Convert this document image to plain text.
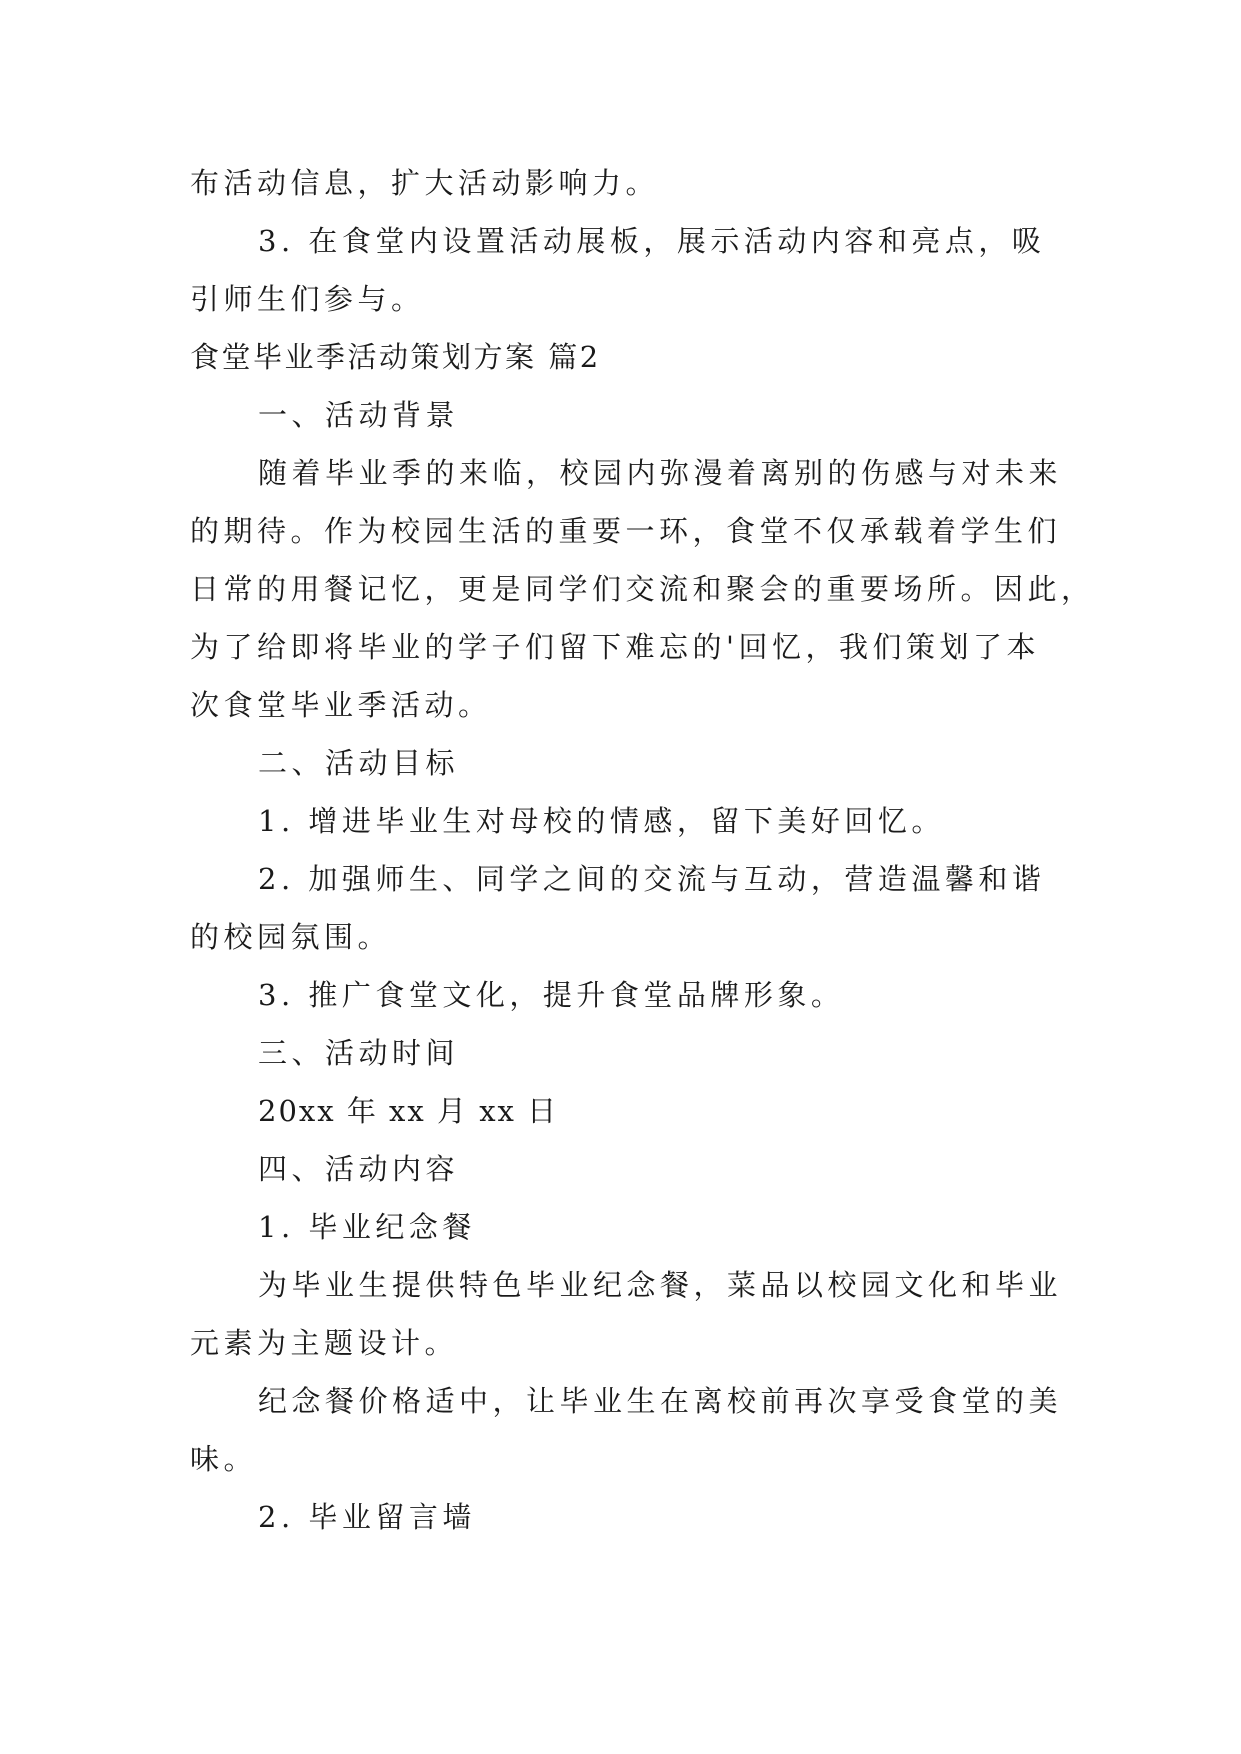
布活动信息，扩大活动影响力。
3. 在食堂内设置活动展板，展示活动内容和亮点，吸
引师生们参与。
食堂毕业季活动策划方案 篇2
一、活动背景
随着毕业季的来临，校园内弥漫着离别的伤感与对未来
的期待。作为校园生活的重要一环，食堂不仅承载着学生们
日常的用餐记忆，更是同学们交流和聚会的重要场所。因此，
为了给即将毕业的学子们留下难忘的'回忆，我们策划了本
次食堂毕业季活动。
二、活动目标
1. 增进毕业生对母校的情感，留下美好回忆。
2. 加强师生、同学之间的交流与互动，营造温馨和谐
的校园氛围。
3. 推广食堂文化，提升食堂品牌形象。
三、活动时间
20xx 年 xx 月 xx 日
四、活动内容
1. 毕业纪念餐
为毕业生提供特色毕业纪念餐，菜品以校园文化和毕业
元素为主题设计。
纪念餐价格适中，让毕业生在离校前再次享受食堂的美
味。
2. 毕业留言墙
